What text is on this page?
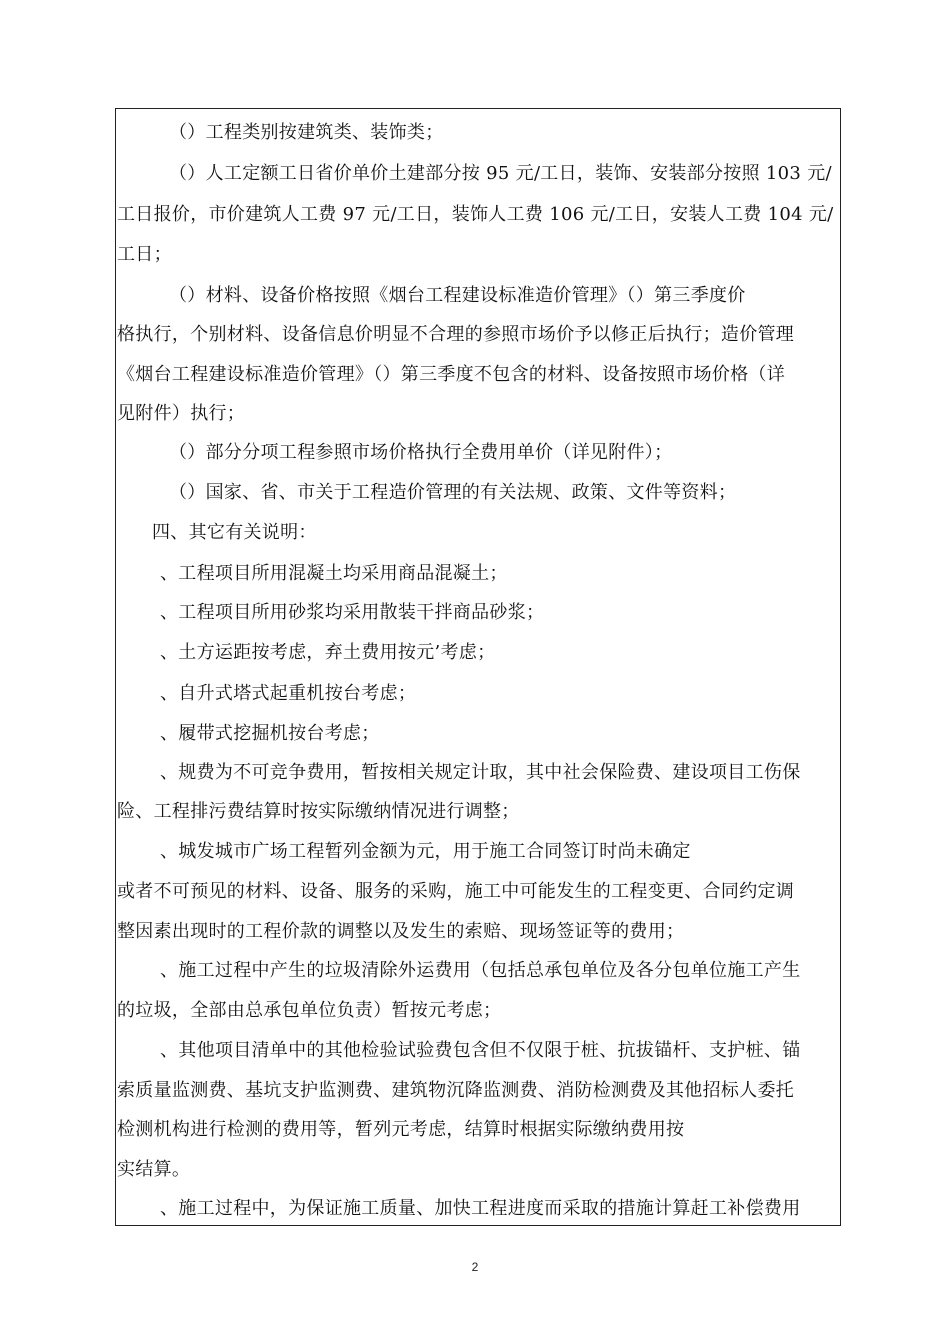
（）工程类别按建筑类、装饰类；
（）人工定额工日省价单价土建部分按 95 元/工日，装饰、安装部分按照 103 元/
工日报价，市价建筑人工费 97 元/工日，装饰人工费 106 元/工日，安装人工费 104 元/
工日；
（）材料、设备价格按照《烟台工程建设标准造价管理》（）第三季度价
格执行，个别材料、设备信息价明显不合理的参照市场价予以修正后执行；造价管理
《烟台工程建设标准造价管理》（）第三季度不包含的材料、设备按照市场价格（详
见附件）执行；
（）部分分项工程参照市场价格执行全费用单价（详见附件）；
（）国家、省、市关于工程造价管理的有关法规、政策、文件等资料；
四、其它有关说明：
、工程项目所用混凝土均采用商品混凝土；
、工程项目所用砂浆均采用散装干拌商品砂浆；
、土方运距按考虑，弃土费用按元’考虑；
、自升式塔式起重机按台考虑；
、履带式挖掘机按台考虑；
、规费为不可竞争费用，暂按相关规定计取，其中社会保险费、建设项目工伤保
险、工程排污费结算时按实际缴纳情况进行调整；
、城发城市广场工程暂列金额为元，用于施工合同签订时尚未确定
或者不可预见的材料、设备、服务的采购，施工中可能发生的工程变更、合同约定调
整因素出现时的工程价款的调整以及发生的索赔、现场签证等的费用；
、施工过程中产生的垃圾清除外运费用（包括总承包单位及各分包单位施工产生
的垃圾，全部由总承包单位负责）暂按元考虑；
、其他项目清单中的其他检验试验费包含但不仅限于桩、抗拔锚杆、支护桩、锚
索质量监测费、基坑支护监测费、建筑物沉降监测费、消防检测费及其他招标人委托
检测机构进行检测的费用等，暂列元考虑，结算时根据实际缴纳费用按
实结算。
、施工过程中，为保证施工质量、加快工程进度而采取的措施计算赶工补偿费用
2
